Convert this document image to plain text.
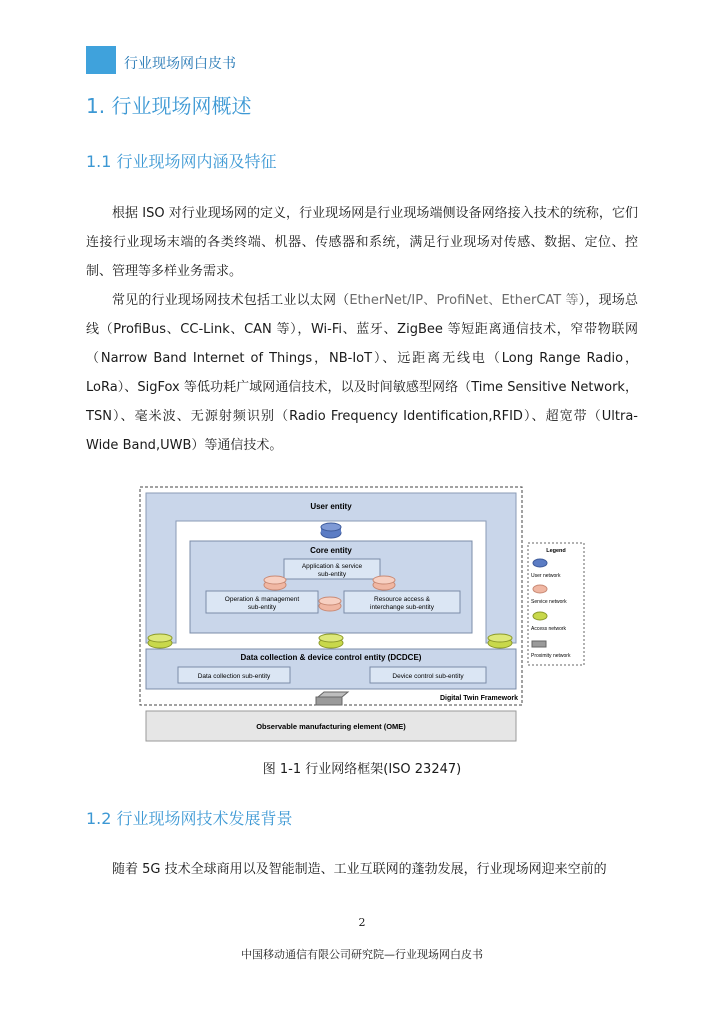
行业现场网白皮书
1. 行业现场网概述
1.1 行业现场网内涵及特征

根据 ISO 对行业现场网的定义，行业现场网是行业现场端侧设备网络接入技术的统称，它们连接行业现场末端的各类终端、机器、传感器和系统，满足行业现场对传感、数据、定位、控制、管理等多样业务需求。

常见的行业现场网技术包括工业以太网（EtherNet/IP、ProfiNet、EtherCAT 等），现场总线（ProfiBus、CC-Link、CAN 等），Wi-Fi、蓝牙、ZigBee 等短距离通信技术，窄带物联网（Narrow Band Internet of Things，NB-IoT）、远距离无线电（Long Range Radio，LoRa）、SigFox 等低功耗广域网通信技术，以及时间敏感型网络（Time Sensitive Network，TSN）、毫米波、无源射频识别（Radio Frequency Identification,RFID）、超宽带（Ultra-Wide Band,UWB）等通信技术。

User entity
Core entity
Application & service
sub-entity
Operation & management
sub-entity
Resource access &
interchange sub-entity
Data collection & device control entity (DCDCE)
Data collection sub-entity	Device control sub-entity
Digital Twin Framework
Observable manufacturing element (OME)
Legend
User network
Service network
Access network
Proximity network
图 1-1 行业网络框架(ISO 23247)
1.2 行业现场网技术发展背景

随着 5G 技术全球商用以及智能制造、工业互联网的蓬勃发展，行业现场网迎来空前的

2
中国移动通信有限公司研究院—行业现场网白皮书
